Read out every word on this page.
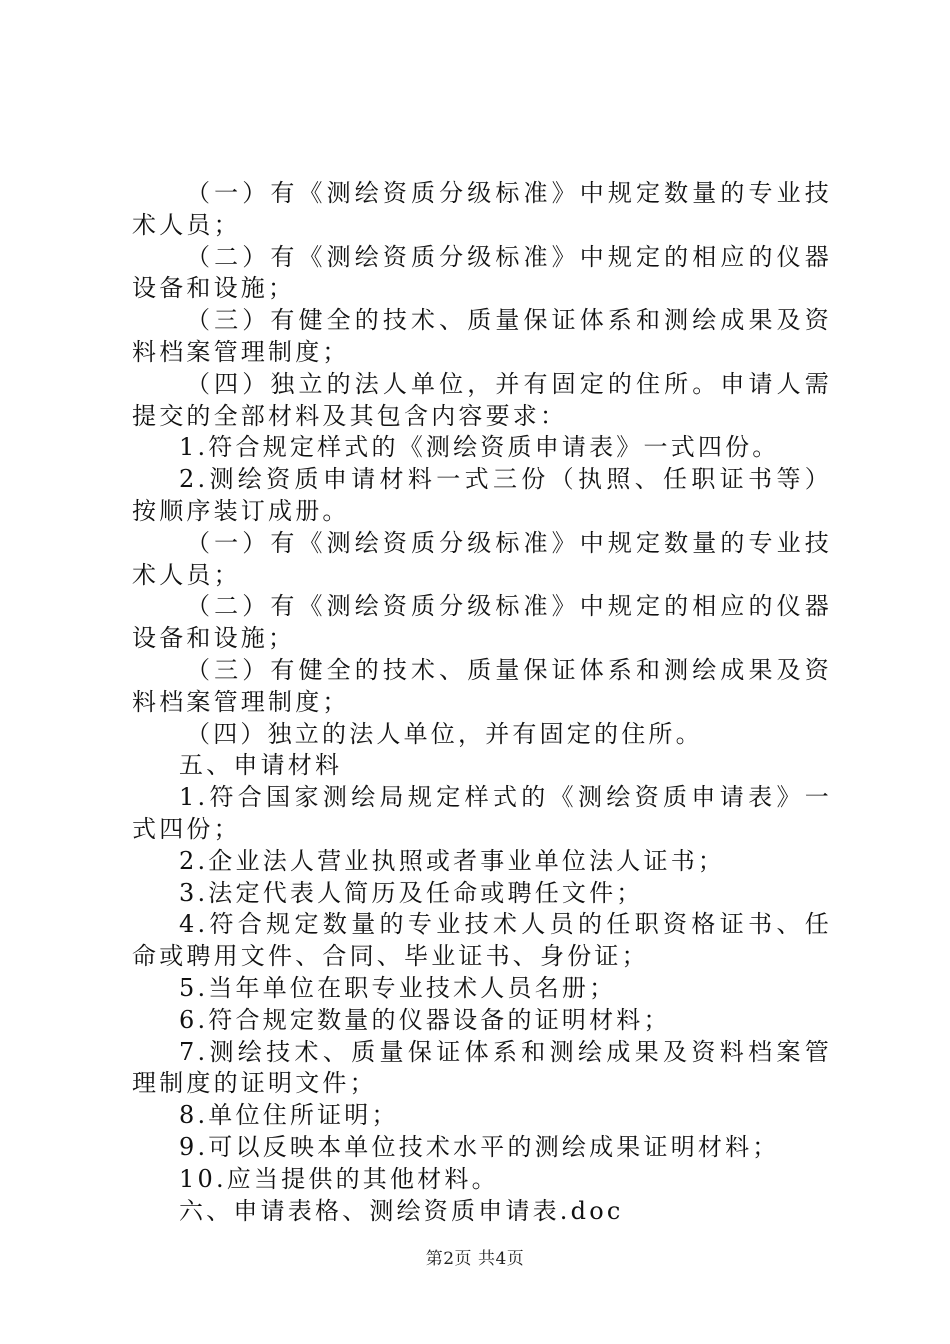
（一）有《测绘资质分级标准》中规定数量的专业技术人员；

（二）有《测绘资质分级标准》中规定的相应的仪器设备和设施；

（三）有健全的技术、质量保证体系和测绘成果及资料档案管理制度；

（四）独立的法人单位，并有固定的住所。申请人需提交的全部材料及其包含内容要求：

1.符合规定样式的《测绘资质申请表》一式四份。

2.测绘资质申请材料一式三份（执照、任职证书等）按顺序装订成册。

（一）有《测绘资质分级标准》中规定数量的专业技术人员；

（二）有《测绘资质分级标准》中规定的相应的仪器设备和设施；

（三）有健全的技术、质量保证体系和测绘成果及资料档案管理制度；

（四）独立的法人单位，并有固定的住所。

五、申请材料

1.符合国家测绘局规定样式的《测绘资质申请表》一式四份；

2.企业法人营业执照或者事业单位法人证书；

3.法定代表人简历及任命或聘任文件；

4.符合规定数量的专业技术人员的任职资格证书、任命或聘用文件、合同、毕业证书、身份证；

5.当年单位在职专业技术人员名册；

6.符合规定数量的仪器设备的证明材料；

7.测绘技术、质量保证体系和测绘成果及资料档案管理制度的证明文件；

8.单位住所证明；

9.可以反映本单位技术水平的测绘成果证明材料；

10.应当提供的其他材料。

六、申请表格、测绘资质申请表.doc

第2页 共4页
